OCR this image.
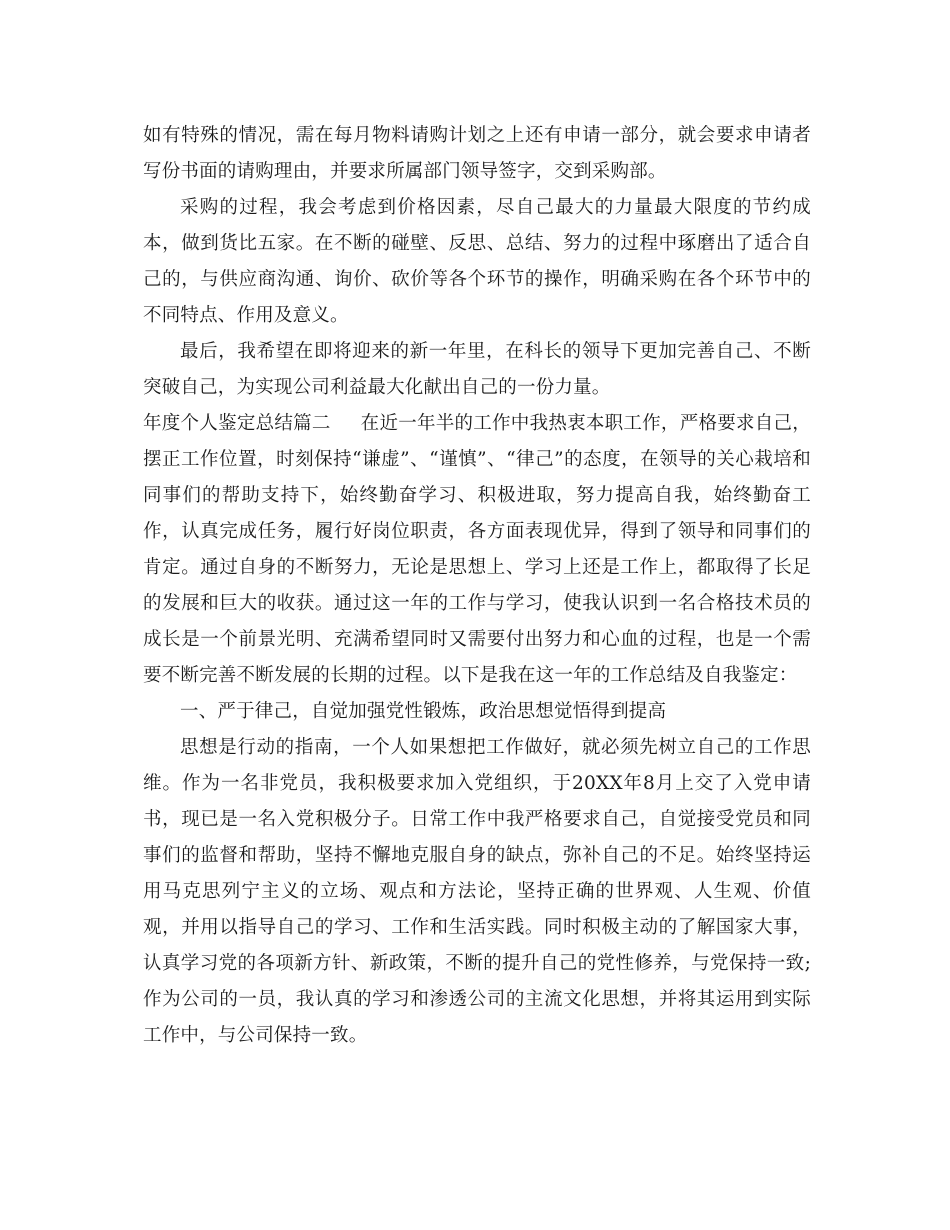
如有特殊的情况，需在每月物料请购计划之上还有申请一部分，就会要求申请者写份书面的请购理由，并要求所属部门领导签字，交到采购部。

采购的过程，我会考虑到价格因素，尽自己最大的力量最大限度的节约成本，做到货比五家。在不断的碰壁、反思、总结、努力的过程中琢磨出了适合自己的，与供应商沟通、询价、砍价等各个环节的操作，明确采购在各个环节中的不同特点、作用及意义。

最后，我希望在即将迎来的新一年里，在科长的领导下更加完善自己、不断突破自己，为实现公司利益最大化献出自己的一份力量。

年度个人鉴定总结篇二 在近一年半的工作中我热衷本职工作，严格要求自己，摆正工作位置，时刻保持“谦虚”、“谨慎”、“律己”的态度，在领导的关心栽培和同事们的帮助支持下，始终勤奋学习、积极进取，努力提高自我，始终勤奋工作，认真完成任务，履行好岗位职责，各方面表现优异，得到了领导和同事们的肯定。通过自身的不断努力，无论是思想上、学习上还是工作上，都取得了长足的发展和巨大的收获。通过这一年的工作与学习，使我认识到一名合格技术员的成长是一个前景光明、充满希望同时又需要付出努力和心血的过程，也是一个需要不断完善不断发展的长期的过程。以下是我在这一年的工作总结及自我鉴定：

一、严于律己，自觉加强党性锻炼，政治思想觉悟得到提高

思想是行动的指南，一个人如果想把工作做好，就必须先树立自己的工作思维。作为一名非党员，我积极要求加入党组织，于20XX年8月上交了入党申请书，现已是一名入党积极分子。日常工作中我严格要求自己，自觉接受党员和同事们的监督和帮助，坚持不懈地克服自身的缺点，弥补自己的不足。始终坚持运用马克思列宁主义的立场、观点和方法论，坚持正确的世界观、人生观、价值观，并用以指导自己的学习、工作和生活实践。同时积极主动的了解国家大事，认真学习党的各项新方针、新政策，不断的提升自己的党性修养，与党保持一致;作为公司的一员，我认真的学习和渗透公司的主流文化思想，并将其运用到实际工作中，与公司保持一致。
